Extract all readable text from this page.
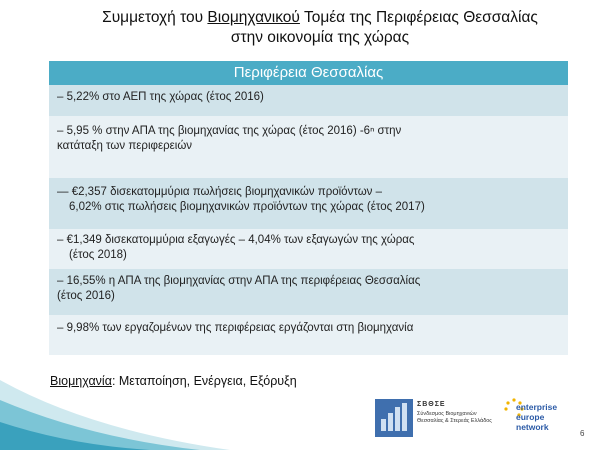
Συμμετοχή του Βιομηχανικού Τομέα της Περιφέρειας Θεσσαλίας
στην οικονομία της χώρας
Περιφέρεια Θεσσαλίας
– 5,22% στο ΑΕΠ της χώρας (έτος 2016)
– 5,95 % στην ΑΠΑ της βιομηχανίας της χώρας (έτος 2016) -6ⁿ στην
κατάταξη των περιφερειών
— €2,357 δισεκατομμύρια πωλήσεις βιομηχανικών προϊόντων –
6,02% στις πωλήσεις βιομηχανικών προϊόντων της χώρας (έτος 2017)
– €1,349 δισεκατομμύρια εξαγωγές – 4,04% των εξαγωγών της χώρας
(έτος 2018)
– 16,55% η ΑΠΑ της βιομηχανίας στην ΑΠΑ της περιφέρειας Θεσσαλίας
(έτος 2016)
– 9,98% των εργαζομένων της περιφέρειας εργάζονται στη βιομηχανία
Βιομηχανία: Μεταποίηση, Ενέργεια, Εξόρυξη
ΣΒΘΣΕ
Σύνδεσμος Βιομηχανιών Θεσσαλίας & Στερεάς Ελλάδος
enterprise
europe
network
6
